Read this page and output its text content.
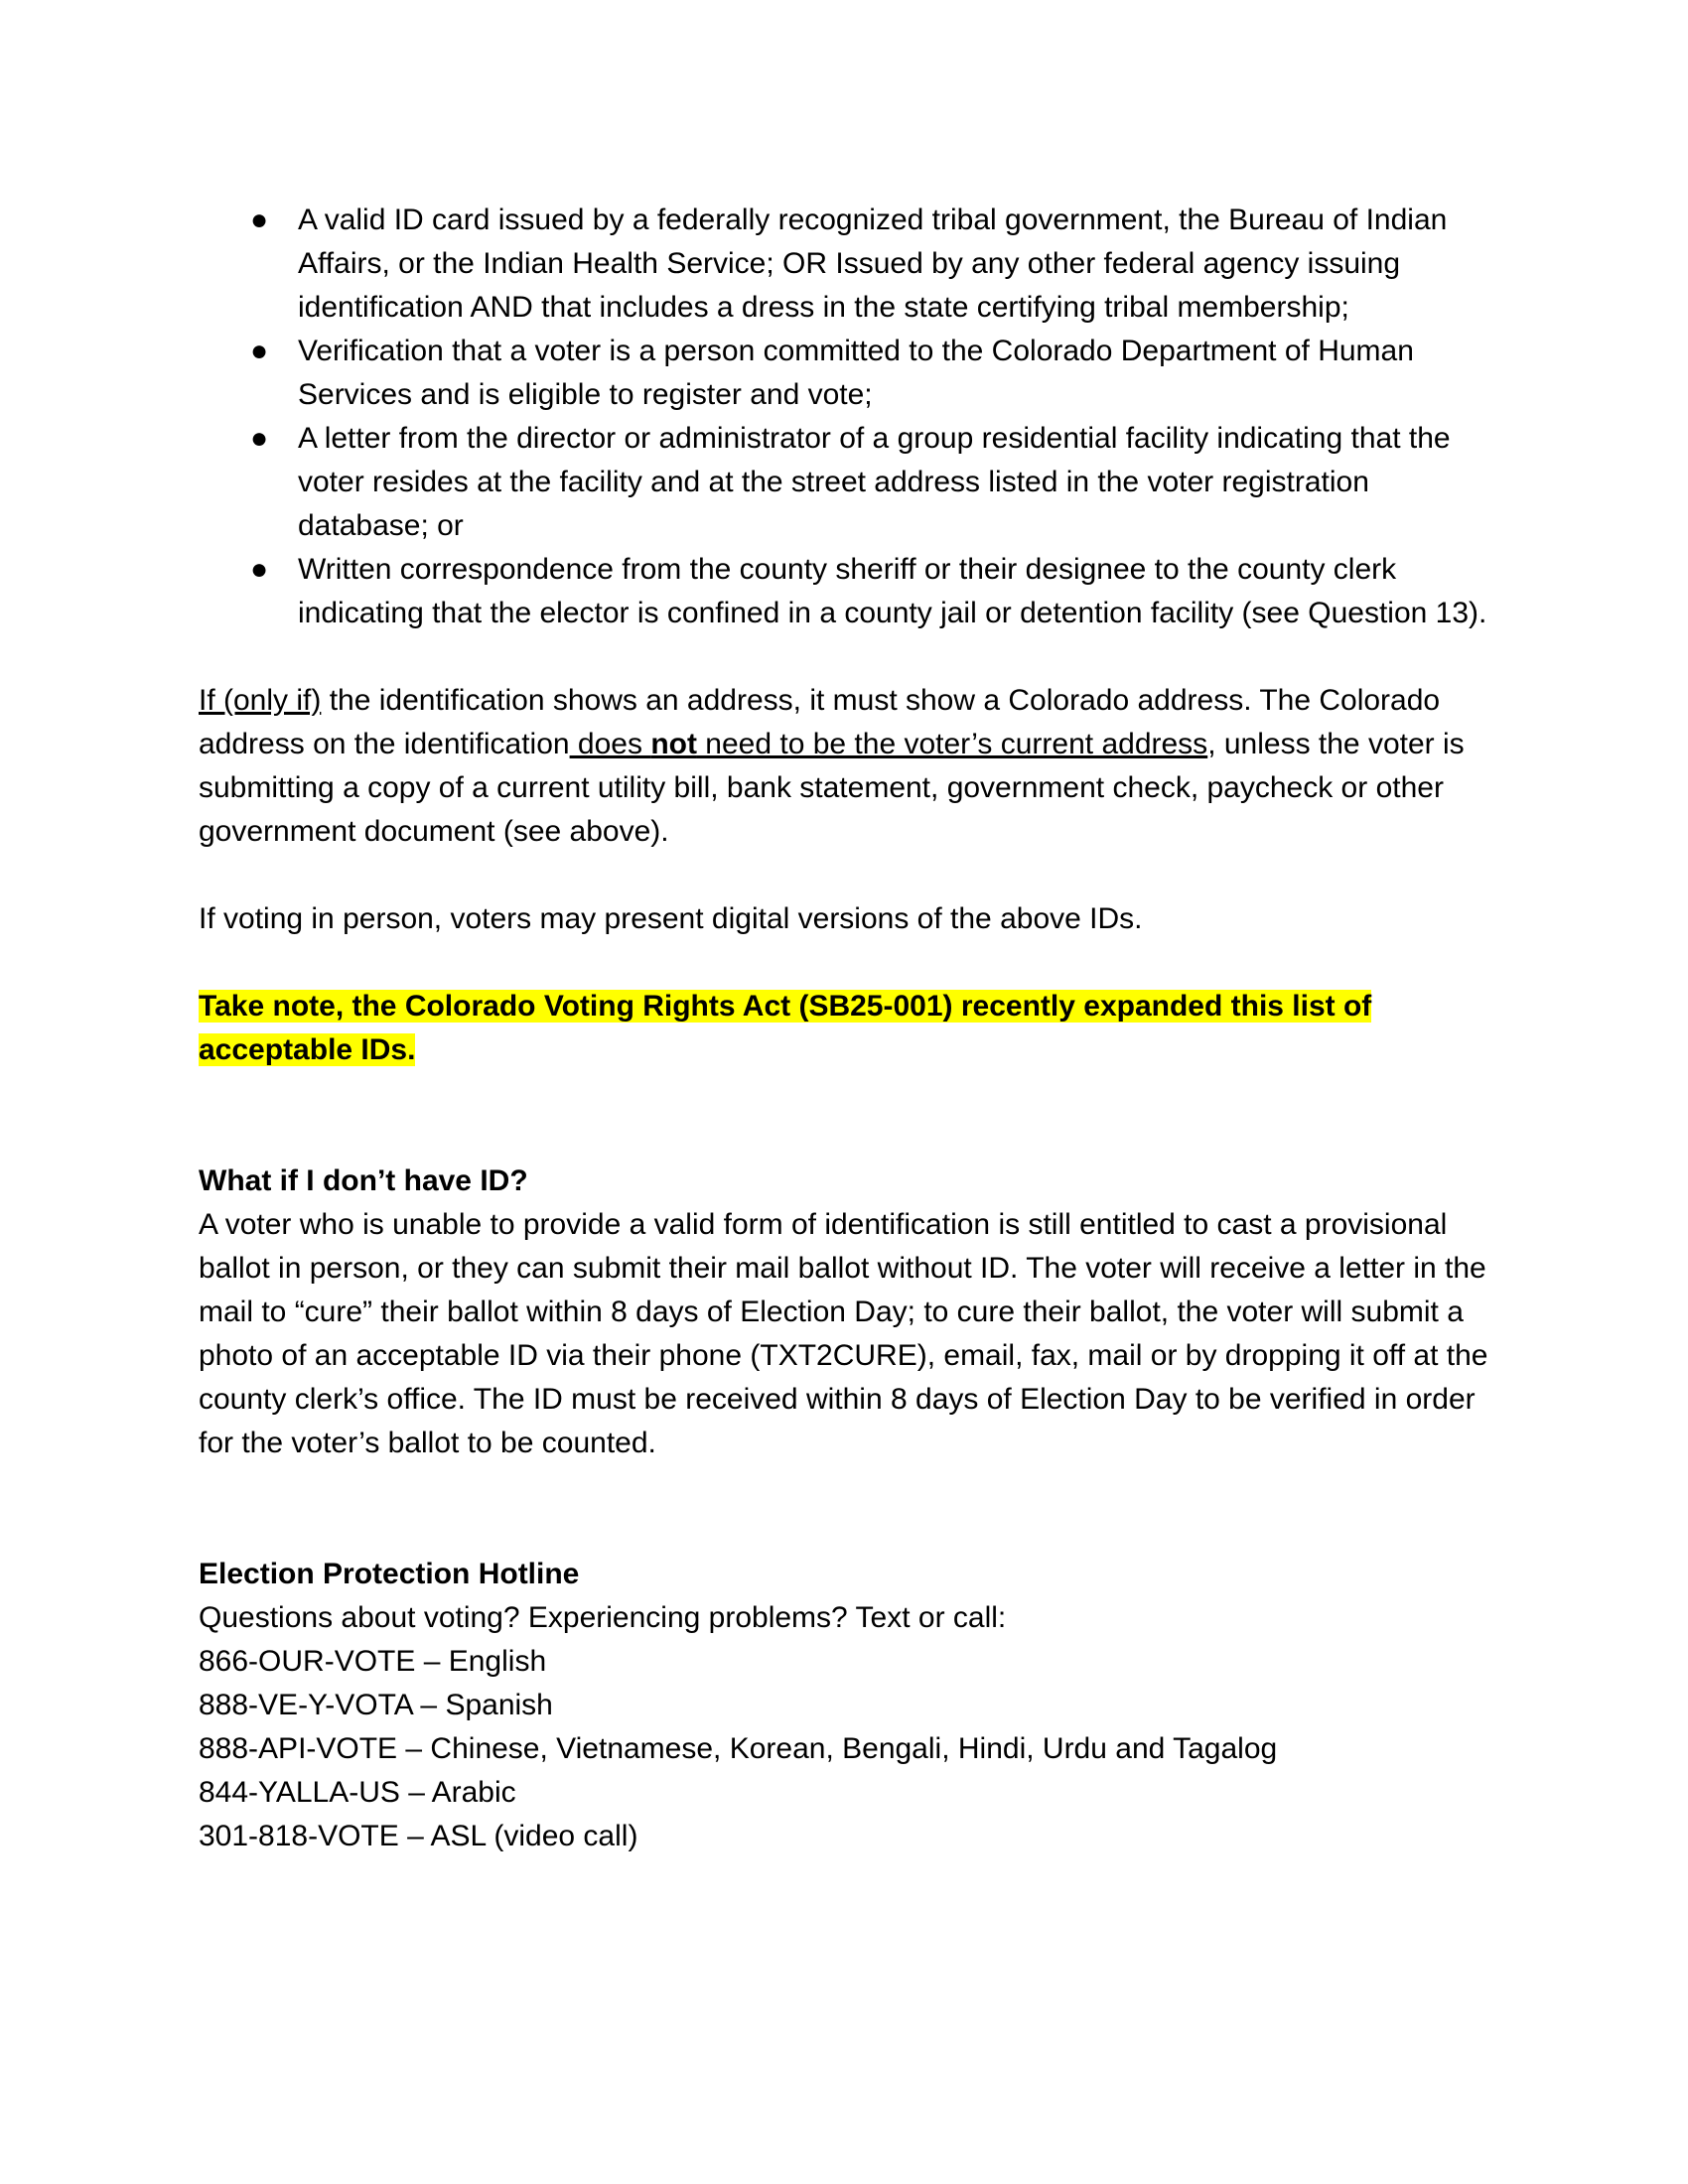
● A valid ID card issued by a federally recognized tribal government, the Bureau of Indian Affairs, or the Indian Health Service; OR Issued by any other federal agency issuing identification AND that includes a dress in the state certifying tribal membership;
● Verification that a voter is a person committed to the Colorado Department of Human Services and is eligible to register and vote;
● A letter from the director or administrator of a group residential facility indicating that the voter resides at the facility and at the street address listed in the voter registration database; or
● Written correspondence from the county sheriff or their designee to the county clerk indicating that the elector is confined in a county jail or detention facility (see Question 13).

If (only if) the identification shows an address, it must show a Colorado address. The Colorado address on the identification does not need to be the voter’s current address, unless the voter is submitting a copy of a current utility bill, bank statement, government check, paycheck or other government document (see above).

If voting in person, voters may present digital versions of the above IDs.

Take note, the Colorado Voting Rights Act (SB25-001) recently expanded this list of acceptable IDs.

What if I don’t have ID?

A voter who is unable to provide a valid form of identification is still entitled to cast a provisional ballot in person, or they can submit their mail ballot without ID. The voter will receive a letter in the mail to “cure” their ballot within 8 days of Election Day; to cure their ballot, the voter will submit a photo of an acceptable ID via their phone (TXT2CURE), email, fax, mail or by dropping it off at the county clerk’s office. The ID must be received within 8 days of Election Day to be verified in order for the voter’s ballot to be counted.

Election Protection Hotline

Questions about voting? Experiencing problems? Text or call:

866-OUR-VOTE – English

888-VE-Y-VOTA – Spanish

888-API-VOTE – Chinese, Vietnamese, Korean, Bengali, Hindi, Urdu and Tagalog

844-YALLA-US – Arabic

301-818-VOTE – ASL (video call)
